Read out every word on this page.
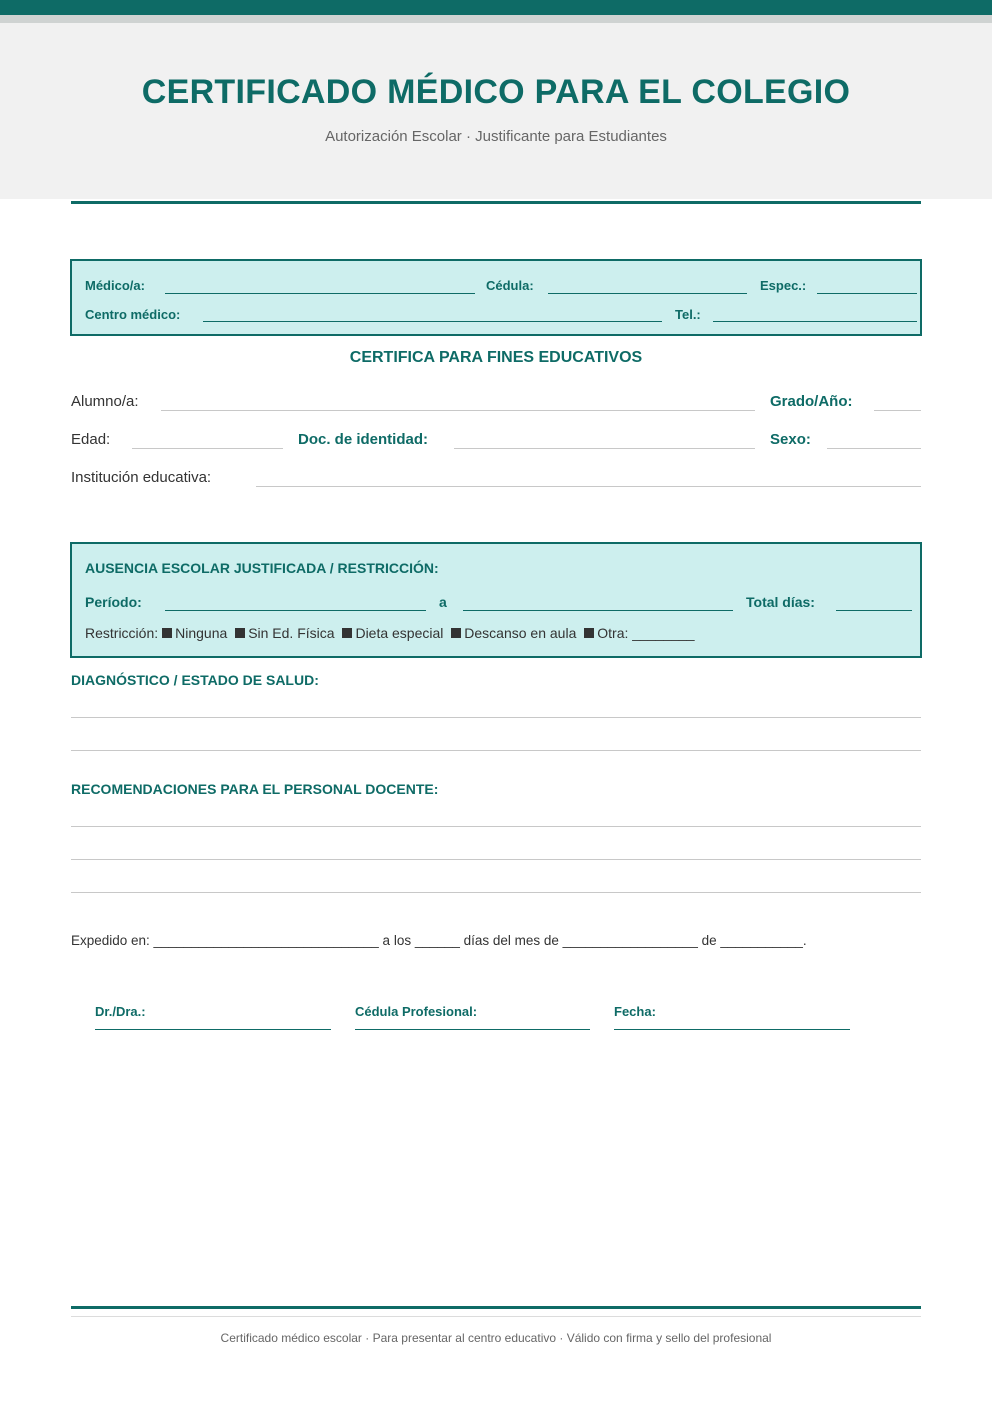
CERTIFICADO MÉDICO PARA EL COLEGIO
Autorización Escolar · Justificante para Estudiantes
Médico/a:	Cédula:	Espec.:
Centro médico:	Tel.:
CERTIFICA PARA FINES EDUCATIVOS
Alumno/a:	Grado/Año:
Edad:	Doc. de identidad:	Sexo:
Institución educativa:
AUSENCIA ESCOLAR JUSTIFICADA / RESTRICCIÓN:
Período:	a	Total días:
Restricción: Ninguna Sin Ed. Física Dieta especial Descanso en aula Otra: ________
DIAGNÓSTICO / ESTADO DE SALUD:
RECOMENDACIONES PARA EL PERSONAL DOCENTE:
Expedido en: ______________________________ a los ______ días del mes de __________________ de ___________.
Dr./Dra.:	Cédula Profesional:	Fecha:
Certificado médico escolar · Para presentar al centro educativo · Válido con firma y sello del profesional
